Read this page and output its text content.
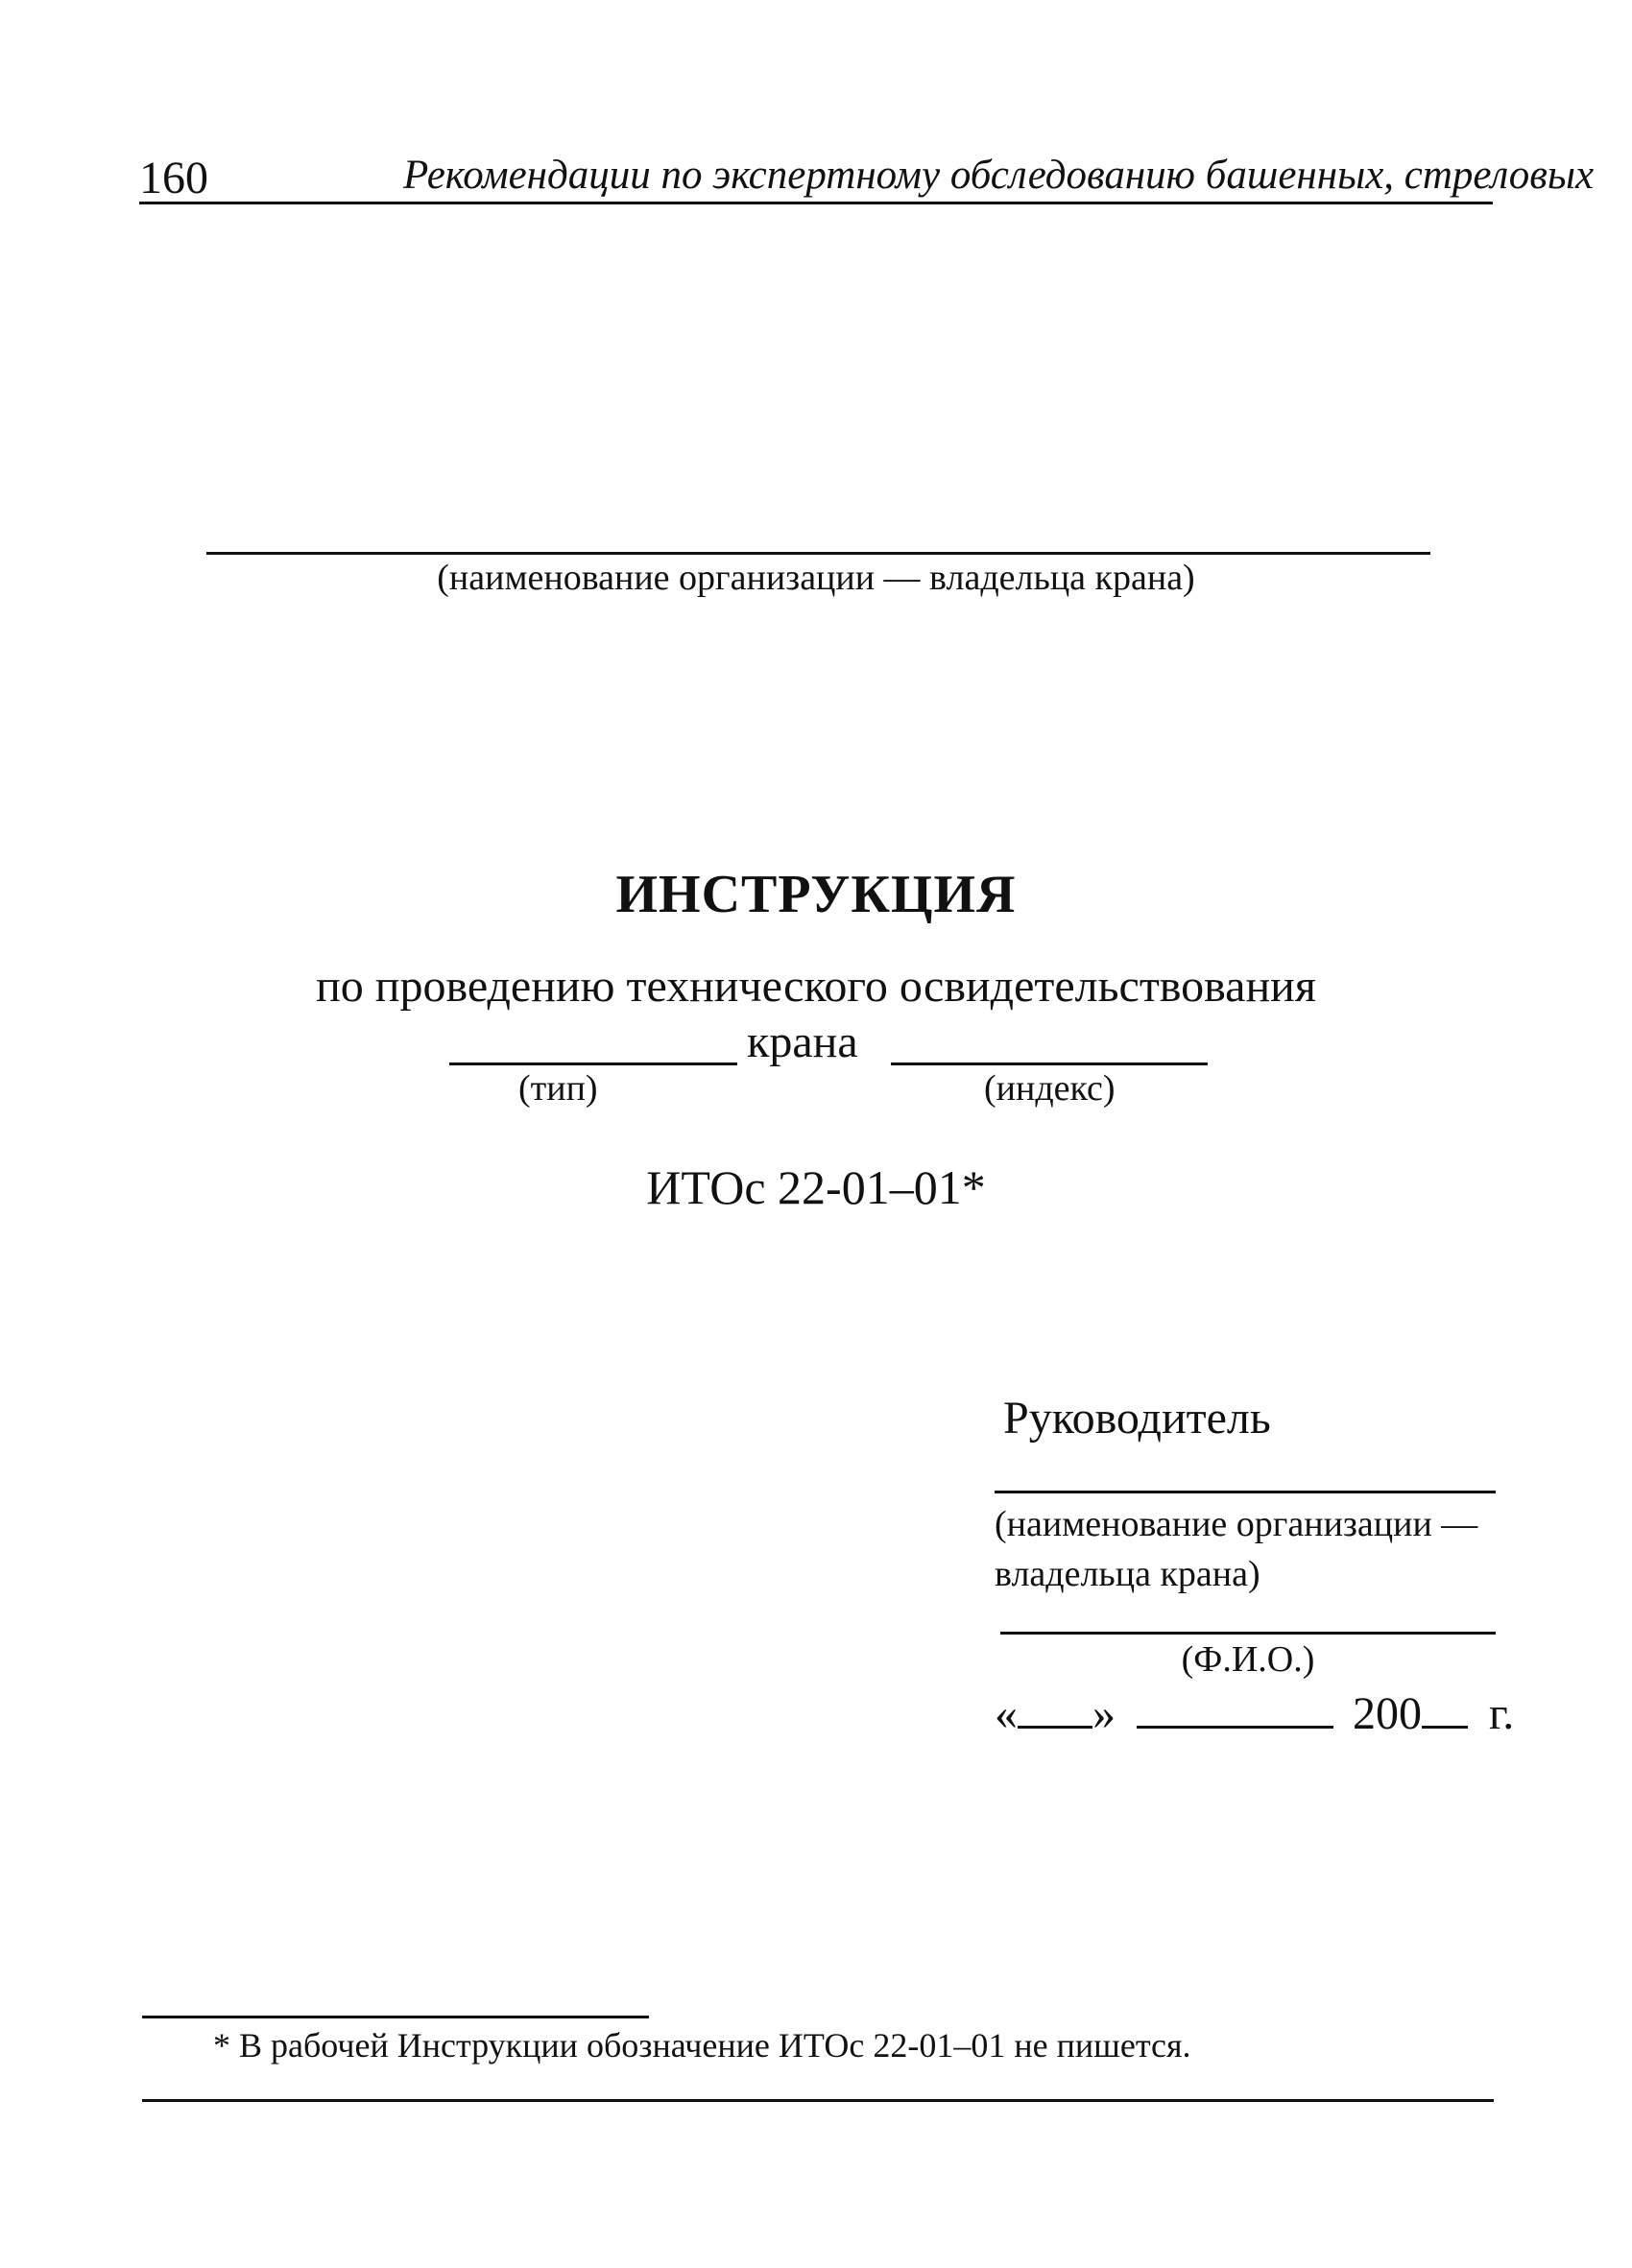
160	Рекомендации по экспертному обследованию башенных, стреловых
(наименование организации — владельца крана)
ИНСТРУКЦИЯ
по проведению технического освидетельствования
крана
(тип)	(индекс)
ИТОс 22-01–01*
Руководитель
(наименование организации —
владельца крана)
(Ф.И.О.)
« »	200 г.
* В рабочей Инструкции обозначение ИТОс 22-01–01 не пишется.
